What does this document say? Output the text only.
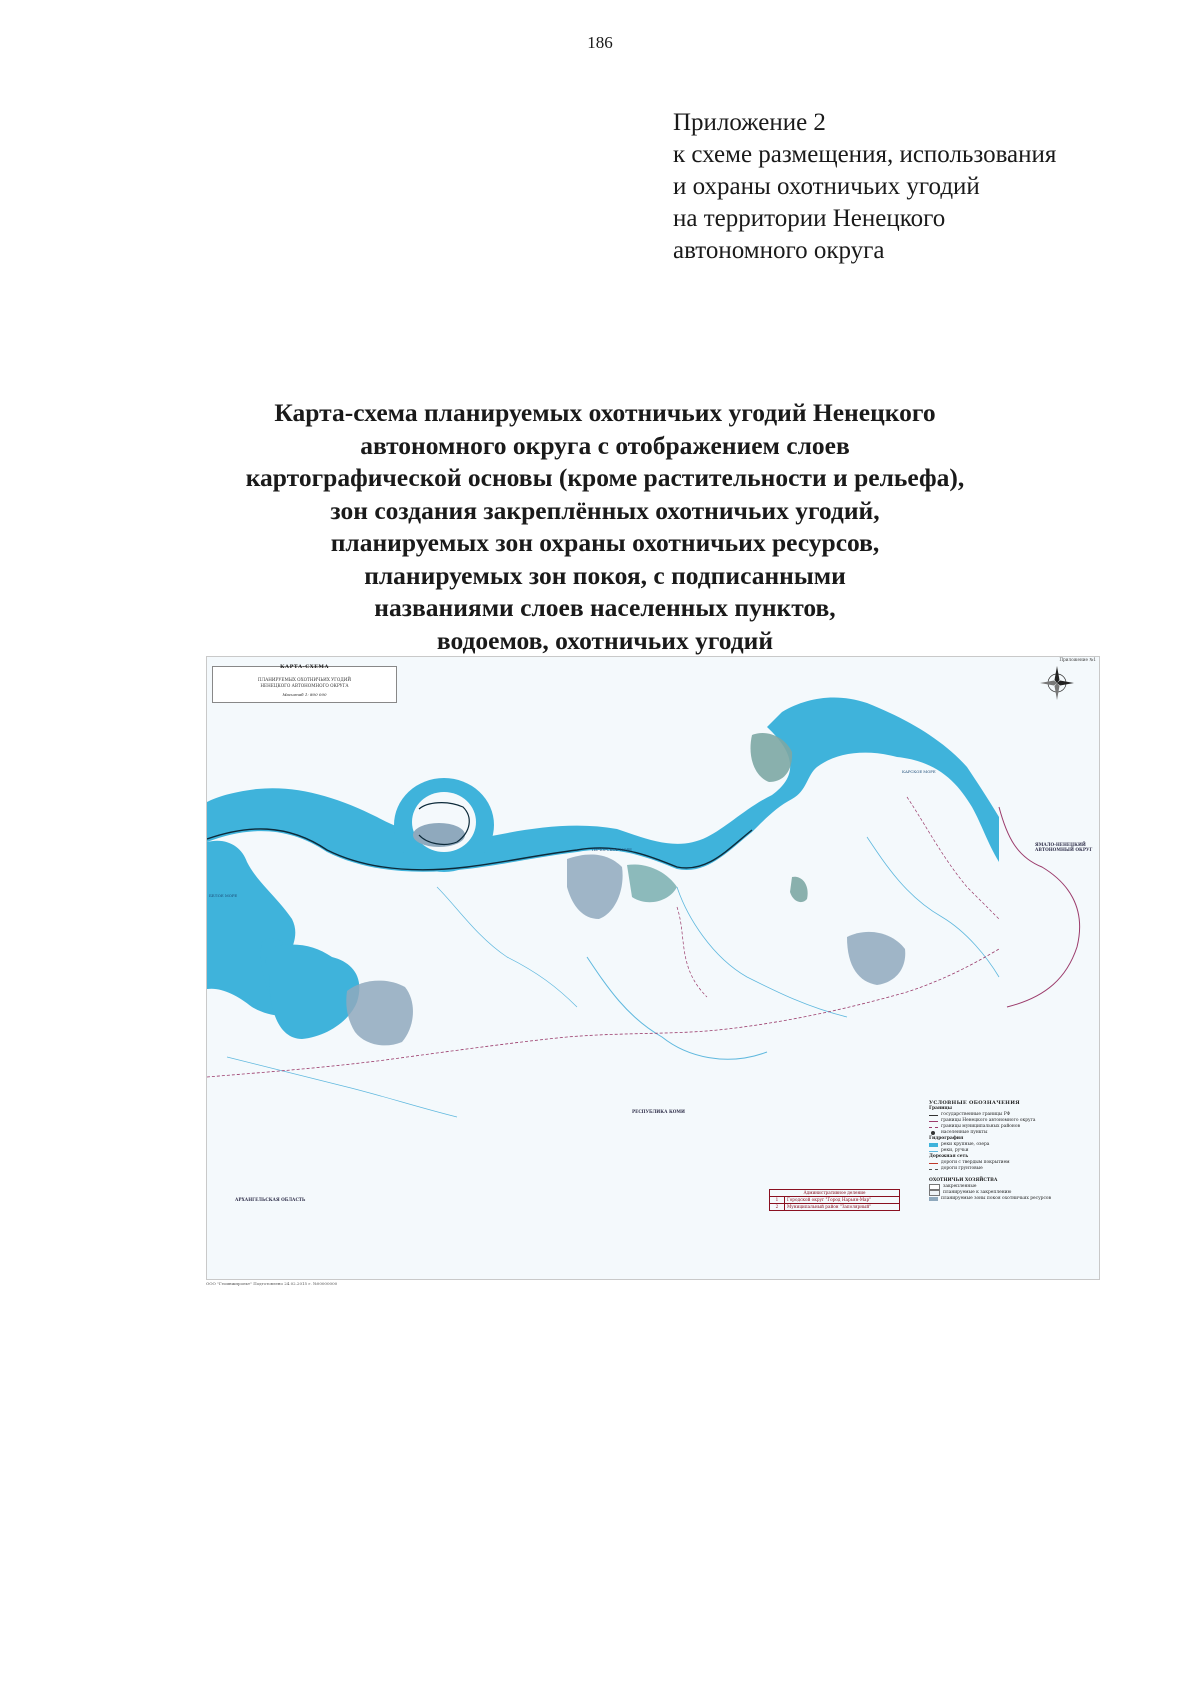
186
Приложение 2
к схеме размещения, использования
и охраны охотничьих угодий
на территории Ненецкого
автономного округа
Карта-схема планируемых охотничьих угодий Ненецкого
автономного округа с отображением слоев
картографической основы (кроме растительности и рельефа),
зон создания закреплённых охотничьих угодий,
планируемых зон охраны охотничьих ресурсов,
планируемых зон покоя, с подписанными
названиями слоев населенных пунктов,
водоемов, охотничьих угодий
Приложение №1
КАРТА-СХЕМА
ПЛАНИРУЕМЫХ ОХОТНИЧЬИХ УГОДИЙ
НЕНЕЦКОГО АВТОНОМНОГО ОКРУГА
Масштаб 1: 800 000
БЕЛОЕ МОРЕ
ПЕЧОРСКОЕ МОРЕ
КАРСКОЕ МОРЕ
РЕСПУБЛИКА КОМИ
АРХАНГЕЛЬСКАЯ ОБЛАСТЬ
ЯМАЛО-НЕНЕЦКИЙ АВТОНОМНЫЙ ОКРУГ
УСЛОВНЫЕ ОБОЗНАЧЕНИЯ
Границы
государственные границы РФ
границы Ненецкого автономного округа
границы муниципальных районов
населенные пункты
Гидрография
реки крупные, озера
реки, ручьи
Дорожная сеть
дороги с твердым покрытием
дороги грунтовые
ОХОТНИЧЬИ ХОЗЯЙСТВА
закрепленные
планируемые к закреплению
планируемые зоны покоя охотничьих ресурсов
Административное деление	
1	Городской округ "Город Нарьян-Мар"
2	Муниципальный район "Заполярный"
ООО "Геоинжпроект" Подготовлено 24.02.2015 г. №00000000
